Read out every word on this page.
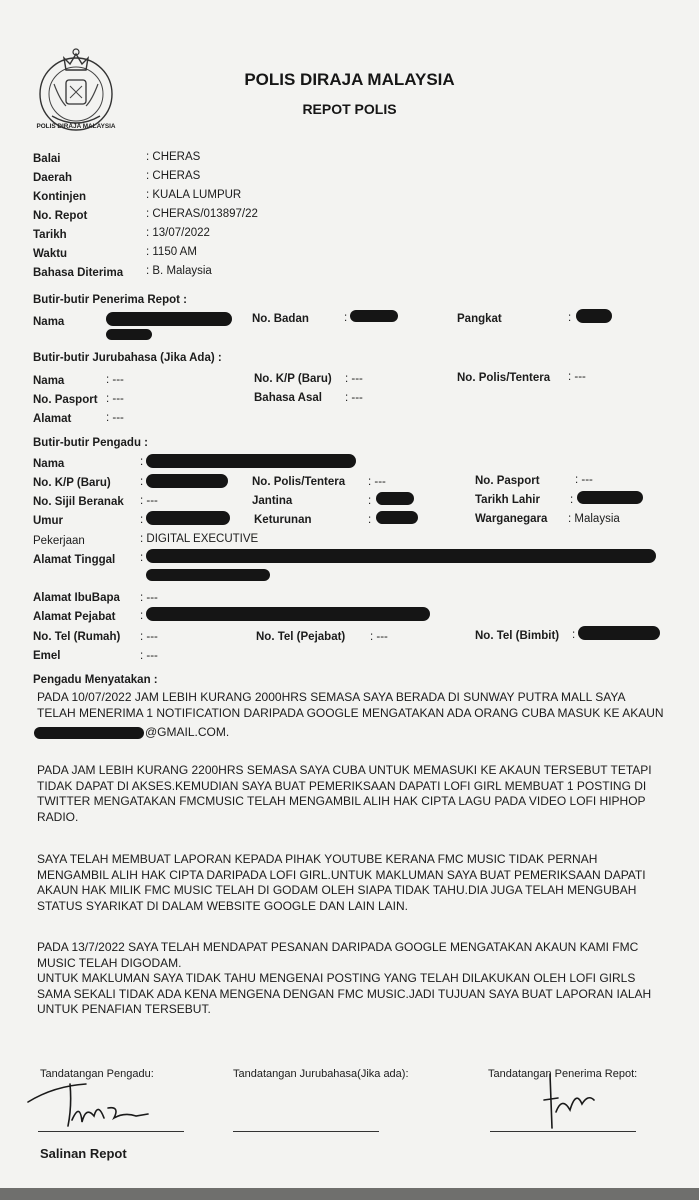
POLIS DIRAJA MALAYSIA
POLIS DIRAJA MALAYSIA
REPOT POLIS
Balai	: CHERAS
Daerah	: CHERAS
Kontinjen	: KUALA LUMPUR
No. Repot	: CHERAS/013897/22
Tarikh	: 13/07/2022
Waktu	: 1150 AM
Bahasa Diterima : B. Malaysia
Butir-butir Penerima Repot :
Nama	No. Badan	:	Pangkat	:
Butir-butir Jurubahasa (Jika Ada) :
Nama	: ---	No. K/P (Baru) : ---	No. Polis/Tentera : ---
No. Pasport : ---	Bahasa Asal : ---
Alamat	: ---
Butir-butir Pengadu :
Nama	:
No. K/P (Baru)	:	No. Polis/Tentera : ---	No. Pasport	: ---
No. Sijil Beranak : ---	Jantina	:	Tarikh Lahir	:
Umur	:	Keturunan	:	Warganegara : Malaysia
Pekerjaan	: DIGITAL EXECUTIVE
Alamat Tinggal :
Alamat IbuBapa : ---
Alamat Pejabat :
No. Tel (Rumah) : ---	No. Tel (Pejabat) : ---	No. Tel (Bimbit) :
Emel	: ---
Pengadu Menyatakan :
PADA 10/07/2022 JAM LEBIH KURANG 2000HRS SEMASA SAYA BERADA DI SUNWAY PUTRA MALL SAYA
TELAH MENERIMA 1 NOTIFICATION DARIPADA GOOGLE MENGATAKAN ADA ORANG CUBA MASUK KE AKAUN
@GMAIL.COM.
PADA JAM LEBIH KURANG 2200HRS SEMASA SAYA CUBA UNTUK MEMASUKI KE AKAUN TERSEBUT TETAPI
TIDAK DAPAT DI AKSES.KEMUDIAN SAYA BUAT PEMERIKSAAN DAPATI LOFI GIRL MEMBUAT 1 POSTING DI
TWITTER MENGATAKAN FMCMUSIC TELAH MENGAMBIL ALIH HAK CIPTA LAGU PADA VIDEO LOFI HIPHOP
RADIO.
SAYA TELAH MEMBUAT LAPORAN KEPADA PIHAK YOUTUBE KERANA FMC MUSIC TIDAK PERNAH
MENGAMBIL ALIH HAK CIPTA DARIPADA LOFI GIRL.UNTUK MAKLUMAN SAYA BUAT PEMERIKSAAN DAPATI
AKAUN HAK MILIK FMC MUSIC TELAH DI GODAM OLEH SIAPA TIDAK TAHU.DIA JUGA TELAH MENGUBAH
STATUS SYARIKAT DI DALAM WEBSITE GOOGLE DAN LAIN LAIN.
PADA 13/7/2022 SAYA TELAH MENDAPAT PESANAN DARIPADA GOOGLE MENGATAKAN AKAUN KAMI FMC
MUSIC TELAH DIGODAM.
UNTUK MAKLUMAN SAYA TIDAK TAHU MENGENAI POSTING YANG TELAH DILAKUKAN OLEH LOFI GIRLS
SAMA SEKALI TIDAK ADA KENA MENGENA DENGAN FMC MUSIC.JADI TUJUAN SAYA BUAT LAPORAN IALAH
UNTUK PENAFIAN TERSEBUT.
Tandatangan Pengadu:	Tandatangan Jurubahasa(Jika ada):	Tandatangan Penerima Repot:
Salinan Repot
